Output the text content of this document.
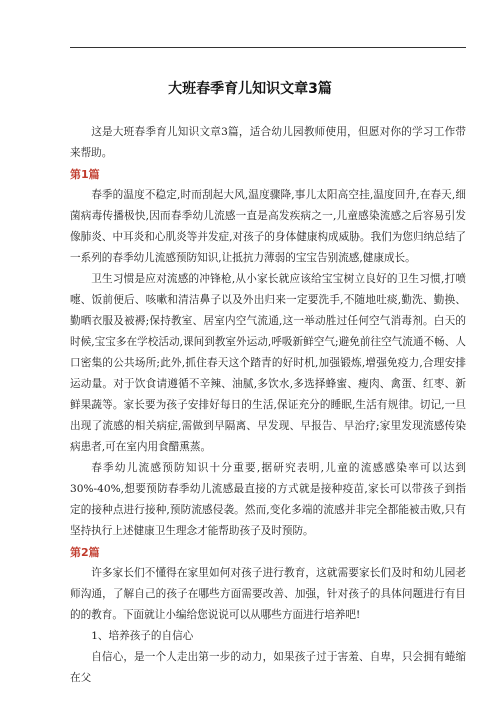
大班春季育儿知识文章3篇

这是大班春季育儿知识文章3篇，适合幼儿园教师使用，但愿对你的学习工作带来帮助。

第1篇

春季的温度不稳定,时而刮起大风,温度骤降,事儿太阳高空挂,温度回升,在春天,细菌病毒传播极快,因而春季幼儿流感一直是高发疾病之一,儿童感染流感之后容易引发像肺炎、中耳炎和心肌炎等并发症,对孩子的身体健康构成威胁。我们为您归纳总结了一系列的春季幼儿流感预防知识,让抵抗力薄弱的宝宝告别流感,健康成长。

卫生习惯是应对流感的冲锋枪,从小家长就应该给宝宝树立良好的卫生习惯,打喷嚏、饭前便后、咳嗽和清洁鼻子以及外出归来一定要洗手,不随地吐痰,勤洗、勤换、勤晒衣服及被褥;保持教室、居室内空气流通,这一举动胜过任何空气消毒剂。白天的时候,宝宝多在学校活动,课间到教室外运动,呼吸新鲜空气;避免前往空气流通不畅、人口密集的公共场所;此外,抓住春天这个踏青的好时机,加强锻炼,增强免疫力,合理安排运动量。对于饮食请遵循不辛辣、油腻,多饮水,多选择蜂蜜、瘦肉、禽蛋、红枣、新鲜果蔬等。家长要为孩子安排好每日的生活,保证充分的睡眠,生活有规律。切记,一旦出现了流感的相关病症,需做到早隔离、早发现、早报告、早治疗;家里发现流感传染病患者,可在室内用食醋熏蒸。

春季幼儿流感预防知识十分重要,据研究表明,儿童的流感感染率可以达到30%-40%,想要预防春季幼儿流感最直接的方式就是接种疫苗,家长可以带孩子到指定的接种点进行接种,预防流感侵袭。然而,变化多端的流感并非完全都能被击败,只有坚持执行上述健康卫生理念才能帮助孩子及时预防。

第2篇

许多家长们不懂得在家里如何对孩子进行教育，这就需要家长们及时和幼儿园老师沟通，了解自己的孩子在哪些方面需要改善、加强，针对孩子的具体问题进行有目的的教育。下面就让小编给您说说可以从哪些方面进行培养吧!

1、培养孩子的自信心

自信心，是一个人走出第一步的动力，如果孩子过于害羞、自卑，只会拥有蜷缩在父
